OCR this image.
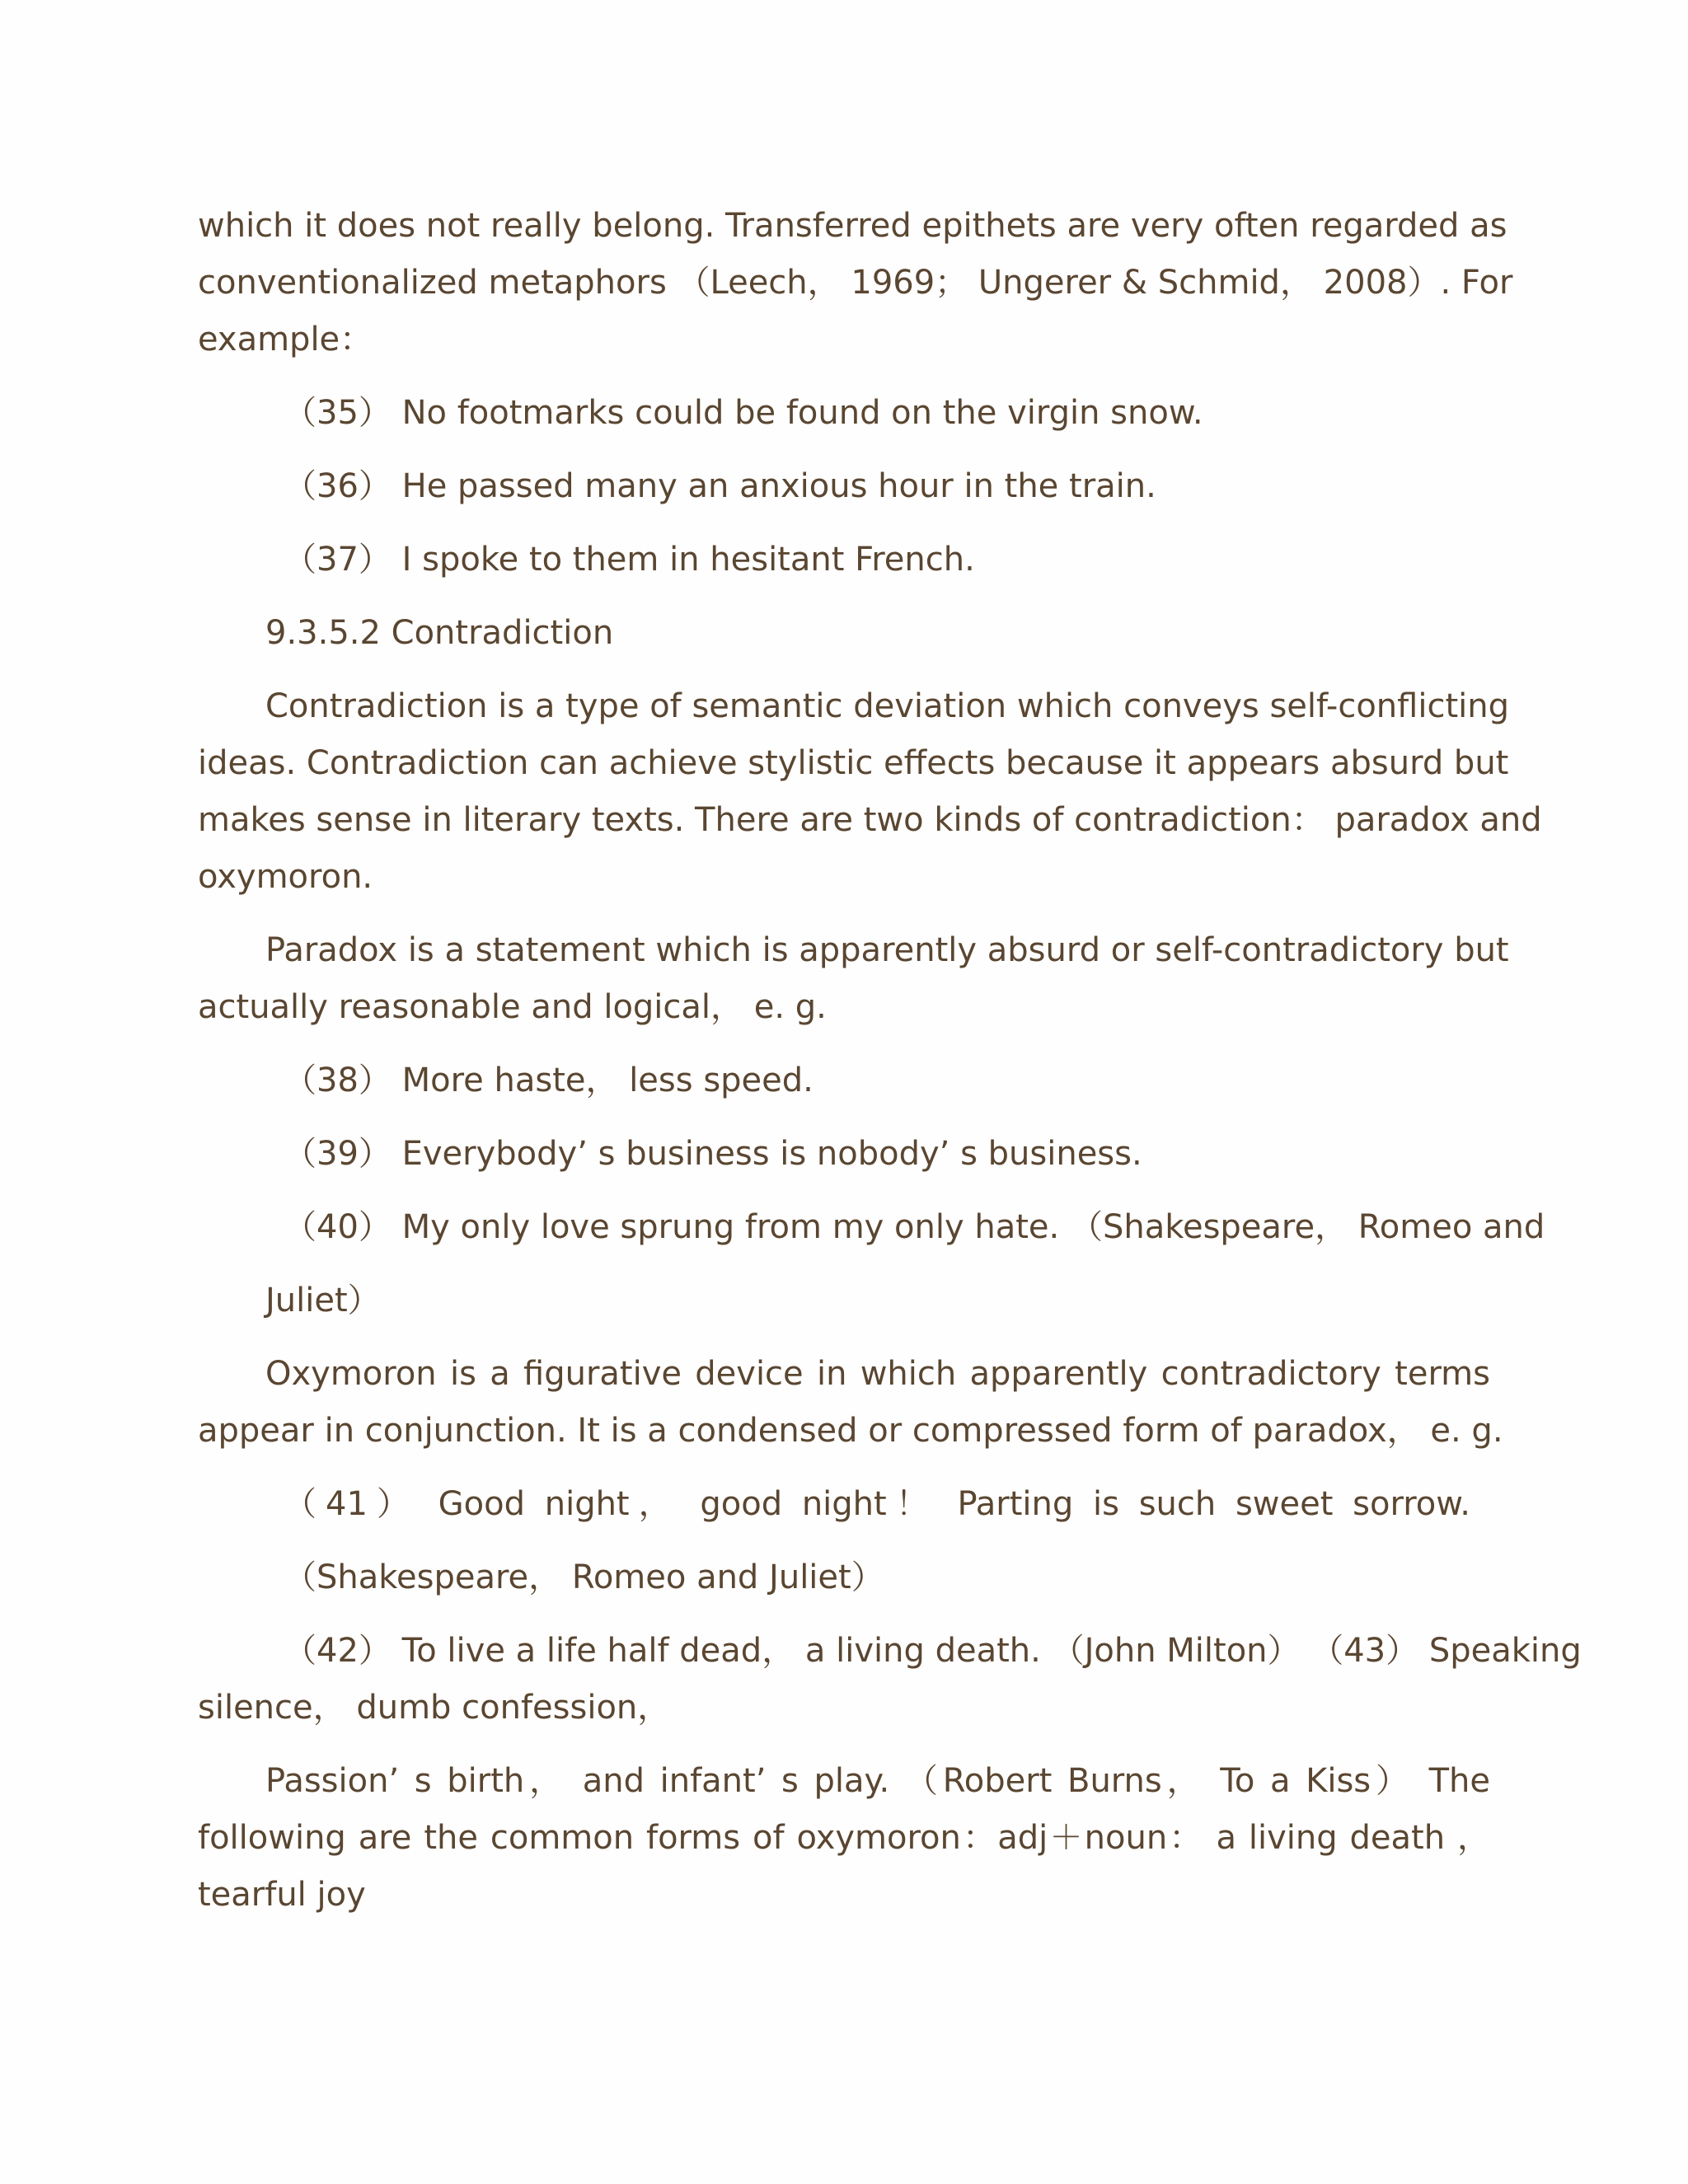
which it does not really belong. Transferred epithets are very often regarded as

conventionalized metaphors （Leech， 1969； Ungerer & Schmid， 2008）. For

example：

（35） No footmarks could be found on the virgin snow.

（36） He passed many an anxious hour in the train.

（37） I spoke to them in hesitant French.

9.3.5.2 Contradiction

Contradiction is a type of semantic deviation which conveys self-conflicting

ideas. Contradiction can achieve stylistic effects because it appears absurd but

makes sense in literary texts. There are two kinds of contradiction： paradox and

oxymoron.

Paradox is a statement which is apparently absurd or self-contradictory but

actually reasonable and logical， e. g.

（38） More haste， less speed.

（39） Everybody’ s business is nobody’ s business.

（40） My only love sprung from my only hate. （Shakespeare， Romeo and

Juliet）

Oxymoron is a figurative device in which apparently contradictory terms

appear in conjunction. It is a condensed or compressed form of paradox， e. g.

（41） Good night， good night！ Parting is such sweet sorrow.

（Shakespeare， Romeo and Juliet）

（42） To live a life half dead， a living death. （John Milton） （43） Speaking

silence， dumb confession，

Passion’ s birth， and infant’ s play. （Robert Burns， To a Kiss） The

following are the common forms of oxymoron：adj＋noun： a living death ，

tearful joy
